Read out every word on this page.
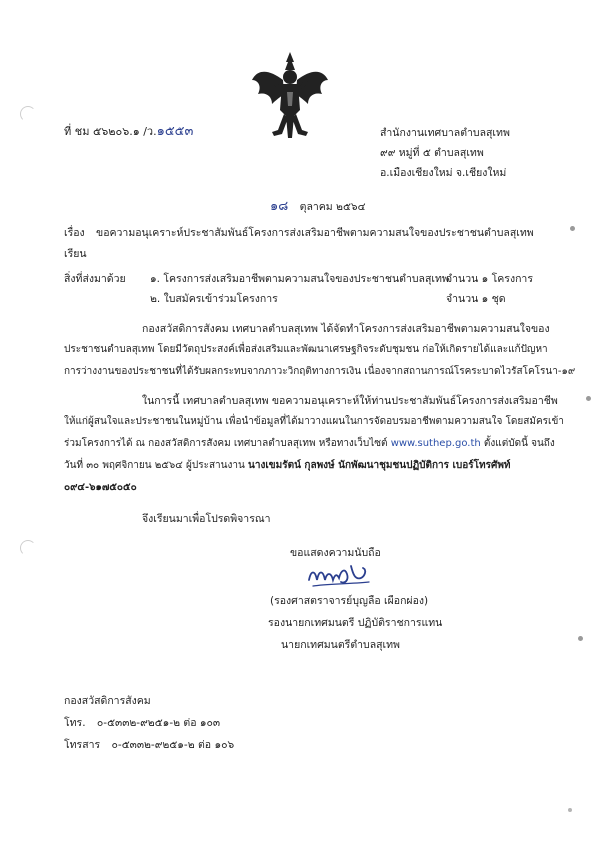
ที่ ชม ๕๖๒๐๖.๑ /ว.๑๕๕๓	สำนักงานเทศบาลตำบลสุเทพ
๙๙ หมู่ที่ ๕ ตำบลสุเทพ
อ.เมืองเชียงใหม่ จ.เชียงใหม่
๑๘ ตุลาคม ๒๕๖๔
เรื่อง ขอความอนุเคราะห์ประชาสัมพันธ์โครงการส่งเสริมอาชีพตามความสนใจของประชาชนตำบลสุเทพ
เรียน
สิ่งที่ส่งมาด้วย ๑. โครงการส่งเสริมอาชีพตามความสนใจของประชาชนตำบลสุเทพ
จำนวน ๑ โครงการ
๒. ใบสมัครเข้าร่วมโครงการ	จำนวน ๑ ชุด
กองสวัสดิการสังคม เทศบาลตำบลสุเทพ ได้จัดทำโครงการส่งเสริมอาชีพตามความสนใจของ
ประชาชนตำบลสุเทพ โดยมีวัตถุประสงค์เพื่อส่งเสริมและพัฒนาเศรษฐกิจระดับชุมชน ก่อให้เกิดรายได้และแก้ปัญหา
การว่างงานของประชาชนที่ได้รับผลกระทบจากภาวะวิกฤติทางการเงิน เนื่องจากสถานการณ์โรคระบาดไวรัสโคโรนา-๑๙
ในการนี้ เทศบาลตำบลสุเทพ ขอความอนุเคราะห์ให้ท่านประชาสัมพันธ์โครงการส่งเสริมอาชีพ
ให้แก่ผู้สนใจและประชาชนในหมู่บ้าน เพื่อนำข้อมูลที่ได้มาวางแผนในการจัดอบรมอาชีพตามความสนใจ โดยสมัครเข้า
ร่วมโครงการได้ ณ กองสวัสดิการสังคม เทศบาลตำบลสุเทพ หรือทางเว็บไซต์ www.suthep.go.th ตั้งแต่บัดนี้ จนถึง
วันที่ ๓๐ พฤศจิกายน ๒๕๖๔ ผู้ประสานงาน นางเขมรัตน์ กุลพงษ์ นักพัฒนาชุมชนปฏิบัติการ เบอร์โทรศัพท์
๐๙๔-๖๑๗๕๐๕๐
จึงเรียนมาเพื่อโปรดพิจารณา
ขอแสดงความนับถือ
ม.ร.ร
(รองศาสตราจารย์บุญลือ เผือกผ่อง)
รองนายกเทศมนตรี ปฏิบัติราชการแทน
นายกเทศมนตรีตำบลสุเทพ
กองสวัสดิการสังคม
โทร. ๐-๕๓๓๒-๙๒๕๑-๒ ต่อ ๑๐๓
โทรสาร ๐-๕๓๓๒-๙๒๕๑-๒ ต่อ ๑๐๖
